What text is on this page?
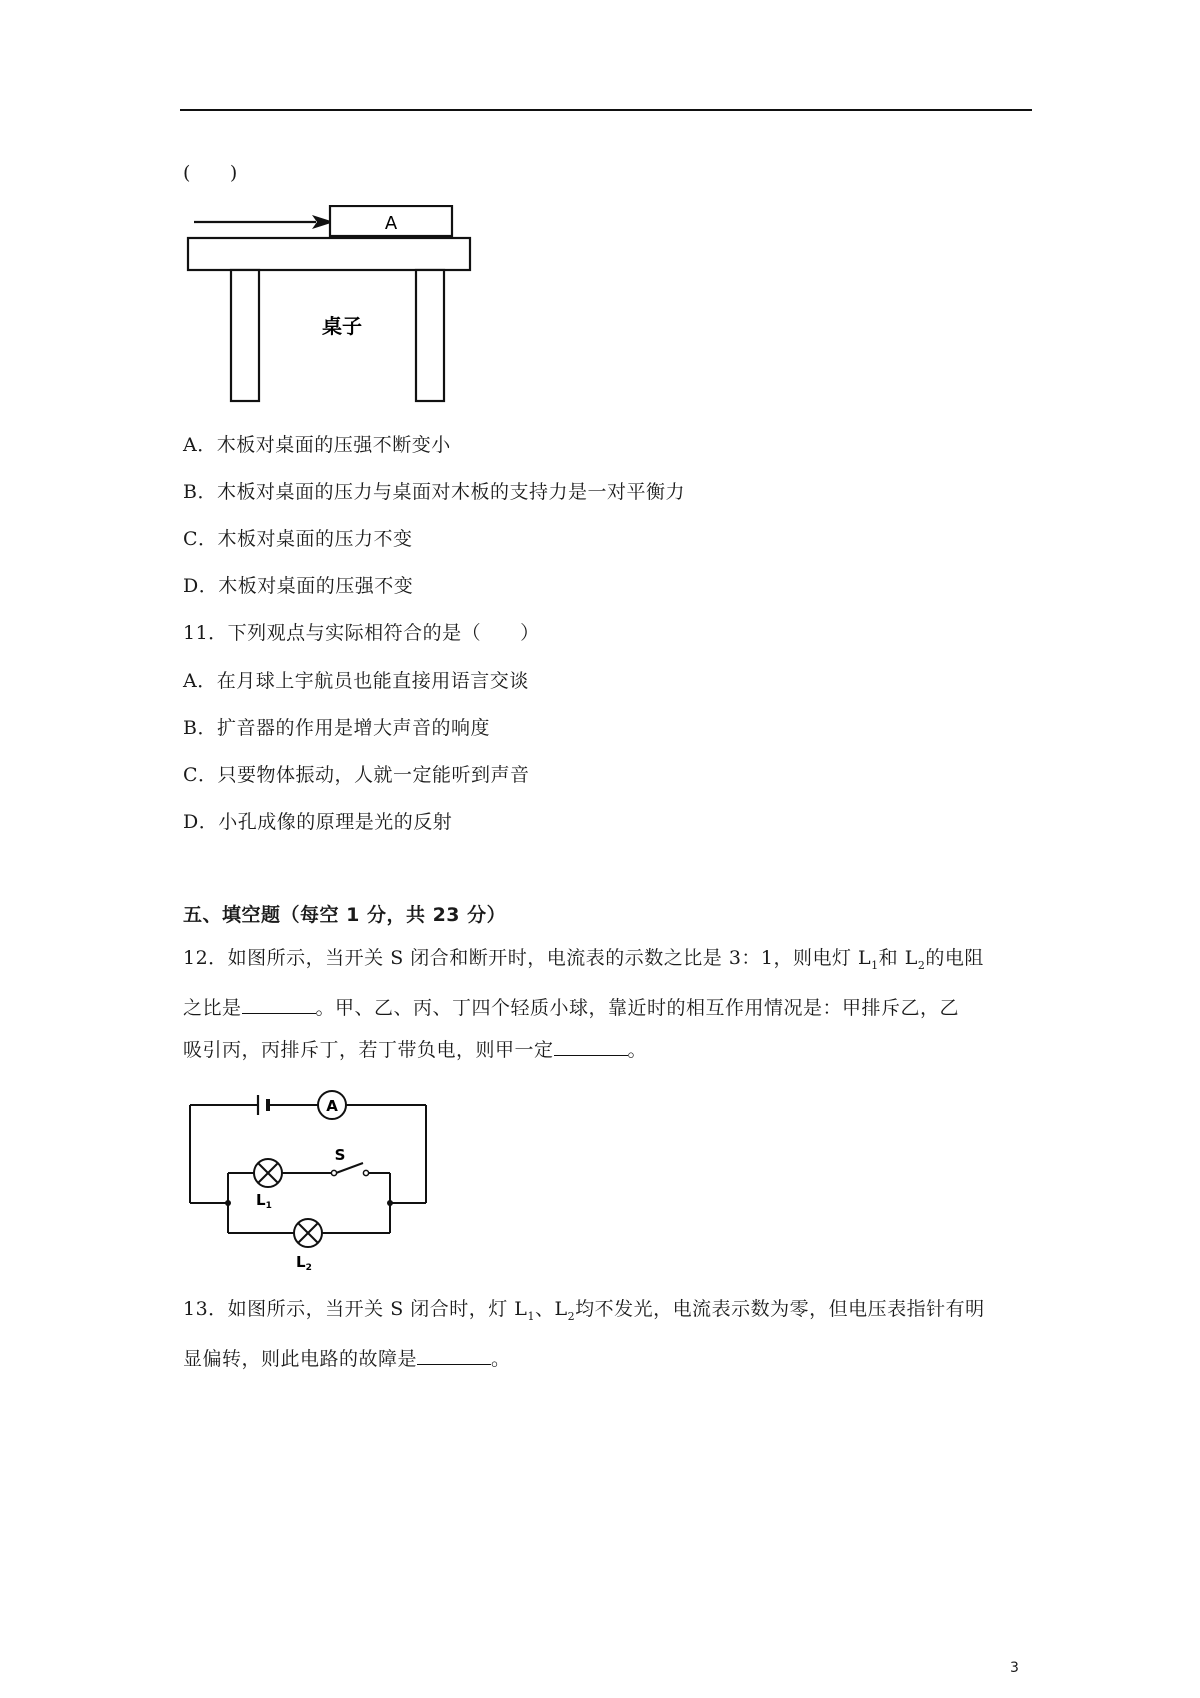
(　　)
A
桌子
A．木板对桌面的压强不断变小
B．木板对桌面的压力与桌面对木板的支持力是一对平衡力
C．木板对桌面的压力不变
D．木板对桌面的压强不变
11．下列观点与实际相符合的是（　　）
A．在月球上宇航员也能直接用语言交谈
B．扩音器的作用是增大声音的响度
C．只要物体振动，人就一定能听到声音
D．小孔成像的原理是光的反射
五、填空题（每空 1 分，共 23 分）
12．如图所示，当开关 S 闭合和断开时，电流表的示数之比是 3：1，则电灯 $L_1$和 $L_2$的电阻
之比是	。甲、乙、丙、丁四个轻质小球，靠近时的相互作用情况是：甲排斥乙，乙
吸引丙，丙排斥丁，若丁带负电，则甲一定	。
A
S
$L_1$
$L_2$
13．如图所示，当开关 S 闭合时，灯 $L_1$、$L_2$均不发光，电流表示数为零，但电压表指针有明
显偏转，则此电路的故障是	。
3
